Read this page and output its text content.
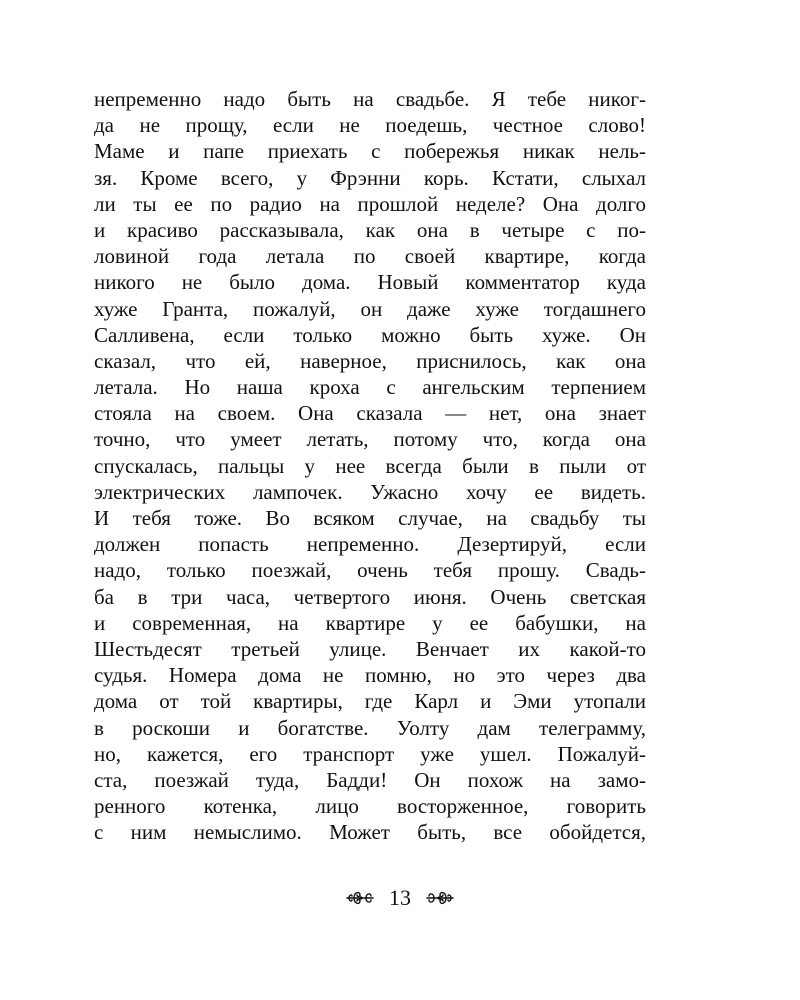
непременно надо быть на свадьбе. Я тебе никог-
да не прощу, если не поедешь, честное слово!
Маме и папе приехать с побережья никак нель-
зя. Кроме всего, у Фрэнни корь. Кстати, слыхал
ли ты ее по радио на прошлой неделе? Она долго
и красиво рассказывала, как она в четыре с по-
ловиной года летала по своей квартире, когда
никого не было дома. Новый комментатор куда
хуже Гранта, пожалуй, он даже хуже тогдашнего
Салливена, если только можно быть хуже. Он
сказал, что ей, наверное, приснилось, как она
летала. Но наша кроха с ангельским терпением
стояла на своем. Она сказала — нет, она знает
точно, что умеет летать, потому что, когда она
спускалась, пальцы у нее всегда были в пыли от
электрических лампочек. Ужасно хочу ее видеть.
И тебя тоже. Во всяком случае, на свадьбу ты
должен попасть непременно. Дезертируй, если
надо, только поезжай, очень тебя прошу. Свадь-
ба в три часа, четвертого июня. Очень светская
и современная, на квартире у ее бабушки, на
Шестьдесят третьей улице. Венчает их какой-то
судья. Номера дома не помню, но это через два
дома от той квартиры, где Карл и Эми утопали
в роскоши и богатстве. Уолту дам телеграмму,
но, кажется, его транспорт уже ушел. Пожалуй-
ста, поезжай туда, Бадди! Он похож на замо-
ренного котенка, лицо восторженное, говорить
с ним немыслимо. Может быть, все обойдется,
13
